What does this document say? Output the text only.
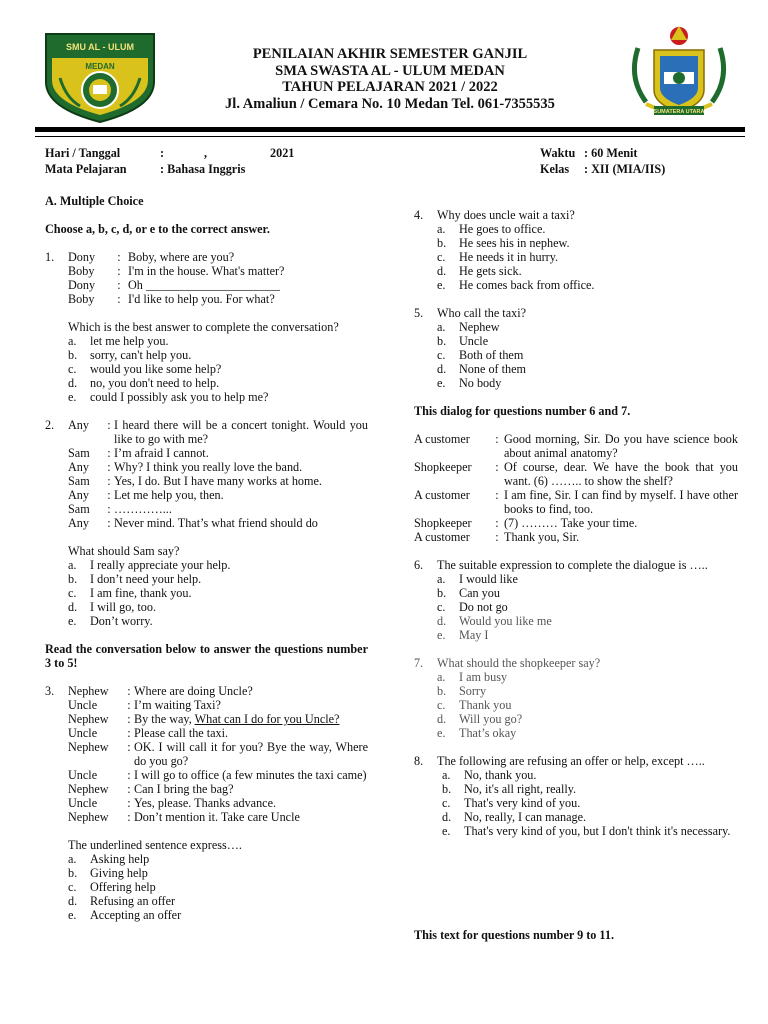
SMU AL - ULUM
MEDAN
SUMATERA UTARA
PENILAIAN AKHIR SEMESTER GANJIL
SMA SWASTA AL - ULUM MEDAN
TAHUN PELAJARAN 2021 / 2022
Jl. Amaliun / Cemara No. 10 Medan Tel. 061-7355535
Hari / Tanggal	:	,	2021
Mata Pelajaran	: Bahasa Inggris
Waktu : 60 Menit
Kelas : XII (MIA/IIS)
A. Multiple Choice
Choose a, b, c, d, or e to the correct answer.
1. Dony	: Boby, where are you?
Boby	: I'm in the house. What's matter?
Dony	: Oh ______________________
Boby	: I'd like to help you. For what?
Which is the best answer to complete the conversation?
a. let me help you.
b. sorry, can't help you.
c. would you like some help?
d. no, you don't need to help.
e. could I possibly ask you to help me?
2. Any	: I heard there will be a concert tonight. Would you like to go with me?
Sam	: I’m afraid I cannot.
Any	: Why? I think you really love the band.
Sam	: Yes, I do. But I have many works at home.
Any	: Let me help you, then.
Sam	: …………...
Any	: Never mind. That’s what friend should do
What should Sam say?
a. I really appreciate your help.
b. I don’t need your help.
c. I am fine, thank you.
d. I will go, too.
e. Don’t worry.
Read the conversation below to answer the questions number 3 to 5!
3. Nephew	: Where are doing Uncle?
Uncle	: I’m waiting Taxi?
Nephew	: By the way, What can I do for you Uncle?
Uncle	: Please call the taxi.
Nephew	: OK. I will call it for you? Bye the way, Where do you go?
Uncle	: I will go to office (a few minutes the taxi came)
Nephew	: Can I bring the bag?
Uncle	: Yes, please. Thanks advance.
Nephew	: Don’t mention it. Take care Uncle
The underlined sentence express….
a. Asking help
b. Giving help
c. Offering help
d. Refusing an offer
e. Accepting an offer
4. Why does uncle wait a taxi?
a. He goes to office.
b. He sees his in nephew.
c. He needs it in hurry.
d. He gets sick.
e. He comes back from office.
5. Who call the taxi?
a. Nephew
b. Uncle
c. Both of them
d. None of them
e. No body
This dialog for questions number 6 and 7.
A customer	: Good morning, Sir. Do you have science book about animal anatomy?
Shopkeeper	: Of course, dear. We have the book that you want. (6) …….. to show the shelf?
A customer	: I am fine, Sir. I can find by myself. I have other books to find, too.
Shopkeeper	: (7) ……… Take your time.
A customer	: Thank you, Sir.
6. The suitable expression to complete the dialogue is …..
a. I would like
b. Can you
c. Do not go
d. Would you like me
e. May I
7. What should the shopkeeper say?
a. I am busy
b. Sorry
c. Thank you
d. Will you go?
e. That’s okay
8. The following are refusing an offer or help, except …..
a. No, thank you.
b. No, it's all right, really.
c. That's very kind of you.
d. No, really, I can manage.
e. That's very kind of you, but I don't think it's necessary.
This text for questions number 9 to 11.
